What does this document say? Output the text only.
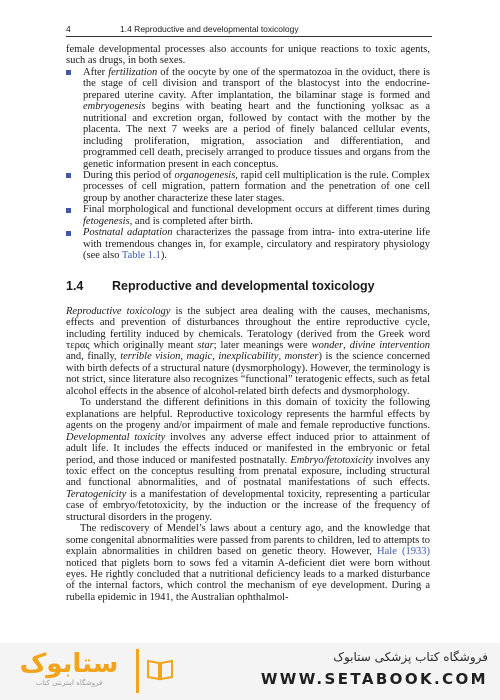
4	1.4 Reproductive and developmental toxicology

female developmental processes also accounts for unique reactions to toxic agents, such as drugs, in both sexes.

After fertilization of the oocyte by one of the spermatozoa in the oviduct, there is the stage of cell division and transport of the blastocyst into the endocrine-prepared uterine cavity. After implantation, the bilaminar stage is formed and embryogenesis begins with beating heart and the functioning yolksac as a nutritional and excretion organ, followed by contact with the mother by the placenta. The next 7 weeks are a period of finely balanced cellular events, including proliferation, migration, association and differentiation, and programmed cell death, precisely arranged to produce tissues and organs from the genetic information present in each conceptus.
During this period of organogenesis, rapid cell multiplication is the rule. Complex processes of cell migration, pattern formation and the penetration of one cell group by another characterize these later stages.
Final morphological and functional development occurs at different times during fetogenesis, and is completed after birth.
Postnatal adaptation characterizes the passage from intra- into extra-uterine life with tremendous changes in, for example, circulatory and respiratory physiology (see also Table 1.1).
1.4 Reproductive and developmental toxicology

Reproductive toxicology is the subject area dealing with the causes, mechanisms, effects and prevention of disturbances throughout the entire reproductive cycle, including fertility induced by chemicals. Teratology (derived from the Greek word τερας which originally meant star; later meanings were wonder, divine intervention and, finally, terrible vision, magic, inexplicability, monster) is the science concerned with birth defects of a structural nature (dysmorphology). However, the terminology is not strict, since literature also recognizes “functional” teratogenic effects, such as fetal alcohol effects in the absence of alcohol-related birth defects and dysmorphology.

To understand the different definitions in this domain of toxicity the following explanations are helpful. Reproductive toxicology represents the harmful effects by agents on the progeny and/or impairment of male and female reproductive functions. Developmental toxicity involves any adverse effect induced prior to attainment of adult life. It includes the effects induced or manifested in the embryonic or fetal period, and those induced or manifested postnatally. Embryo/fetotoxicity involves any toxic effect on the conceptus resulting from prenatal exposure, including structural and functional abnormalities, and of postnatal manifestations of such effects. Teratogenicity is a manifestation of developmental toxicity, representing a particular case of embryo/fetotoxicity, by the induction or the increase of the frequency of structural disorders in the progeny.

The rediscovery of Mendel’s laws about a century ago, and the knowledge that some congenital abnormalities were passed from parents to children, led to attempts to explain abnormalities in children based on genetic theory. However, Hale (1933) noticed that piglets born to sows fed a vitamin A-deficient diet were born without eyes. He rightly concluded that a nutritional deficiency leads to a marked disturbance of the internal factors, which control the mechanism of eye development. During a rubella epidemic in 1941, the Australian ophthalmol-

ستابوک
فروشگاه اینترنتی کتاب
فروشگاه کتاب پزشکی ستابوک
WWW.SETABOOK.COM
